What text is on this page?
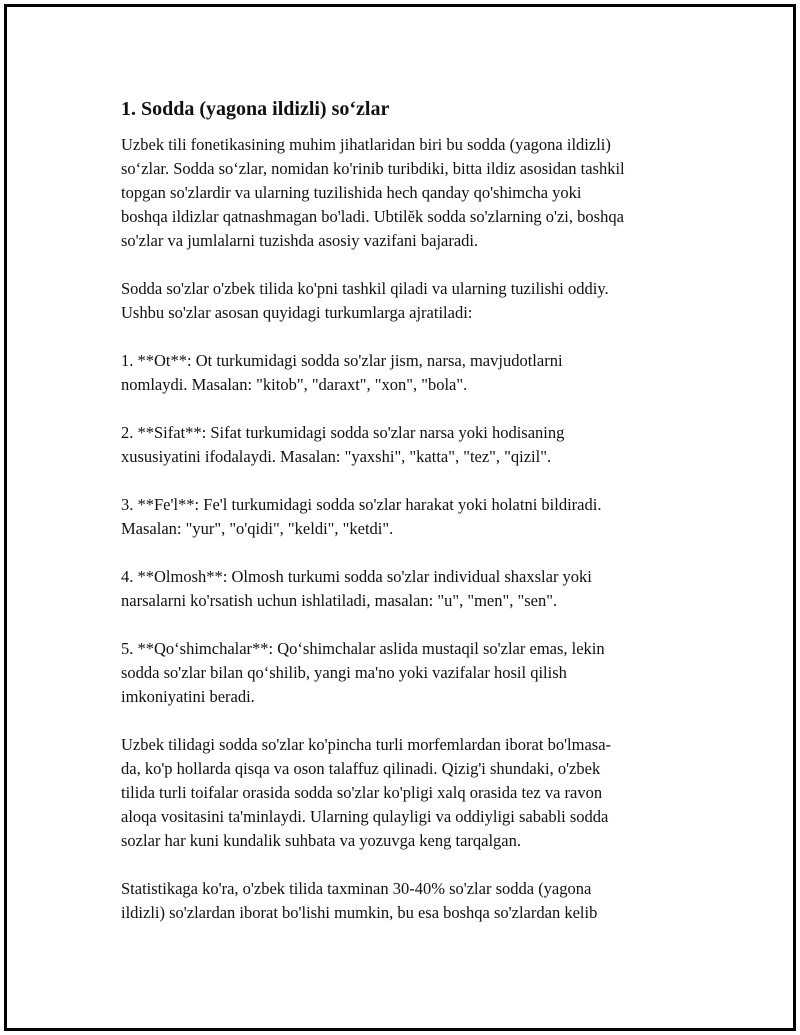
1. Sodda (yagona ildizli) so‘zlar

Uzbek tili fonetikasining muhim jihatlaridan biri bu sodda (yagona ildizli)
so‘zlar. Sodda so‘zlar, nomidan ko'rinib turibdiki, bitta ildiz asosidan tashkil
topgan so'zlardir va ularning tuzilishida hech qanday qo'shimcha yoki
boshqa ildizlar qatnashmagan bo'ladi. Ubtilĕk sodda so'zlarning o'zi, boshqa
so'zlar va jumlalarni tuzishda asosiy vazifani bajaradi.

Sodda so'zlar o'zbek tilida ko'pni tashkil qiladi va ularning tuzilishi oddiy.
Ushbu so'zlar asosan quyidagi turkumlarga ajratiladi:

1. **Ot**: Ot turkumidagi sodda so'zlar jism, narsa, mavjudotlarni
nomlaydi. Masalan: "kitob", "daraxt", "xon", "bola".

2. **Sifat**: Sifat turkumidagi sodda so'zlar narsa yoki hodisaning
xususiyatini ifodalaydi. Masalan: "yaxshi", "katta", "tez", "qizil".

3. **Fe'l**: Fe'l turkumidagi sodda so'zlar harakat yoki holatni bildiradi.
Masalan: "yur", "o'qidi", "keldi", "ketdi".

4. **Olmosh**: Olmosh turkumi sodda so'zlar individual shaxslar yoki
narsalarni ko'rsatish uchun ishlatiladi, masalan: "u", "men", "sen".

5. **Qo‘shimchalar**: Qo‘shimchalar aslida mustaqil so'zlar emas, lekin
sodda so'zlar bilan qo‘shilib, yangi ma'no yoki vazifalar hosil qilish
imkoniyatini beradi.

Uzbek tilidagi sodda so'zlar ko'pincha turli morfemlardan iborat bo'lmasa-
da, ko'p hollarda qisqa va oson talaffuz qilinadi. Qizig'i shundaki, o'zbek
tilida turli toifalar orasida sodda so'zlar ko'pligi xalq orasida tez va ravon
aloqa vositasini ta'minlaydi. Ularning qulayligi va oddiyligi sababli sodda
sozlar har kuni kundalik suhbata va yozuvga keng tarqalgan.

Statistikaga ko'ra, o'zbek tilida taxminan 30-40% so'zlar sodda (yagona
ildizli) so'zlardan iborat bo'lishi mumkin, bu esa boshqa so'zlardan kelib
